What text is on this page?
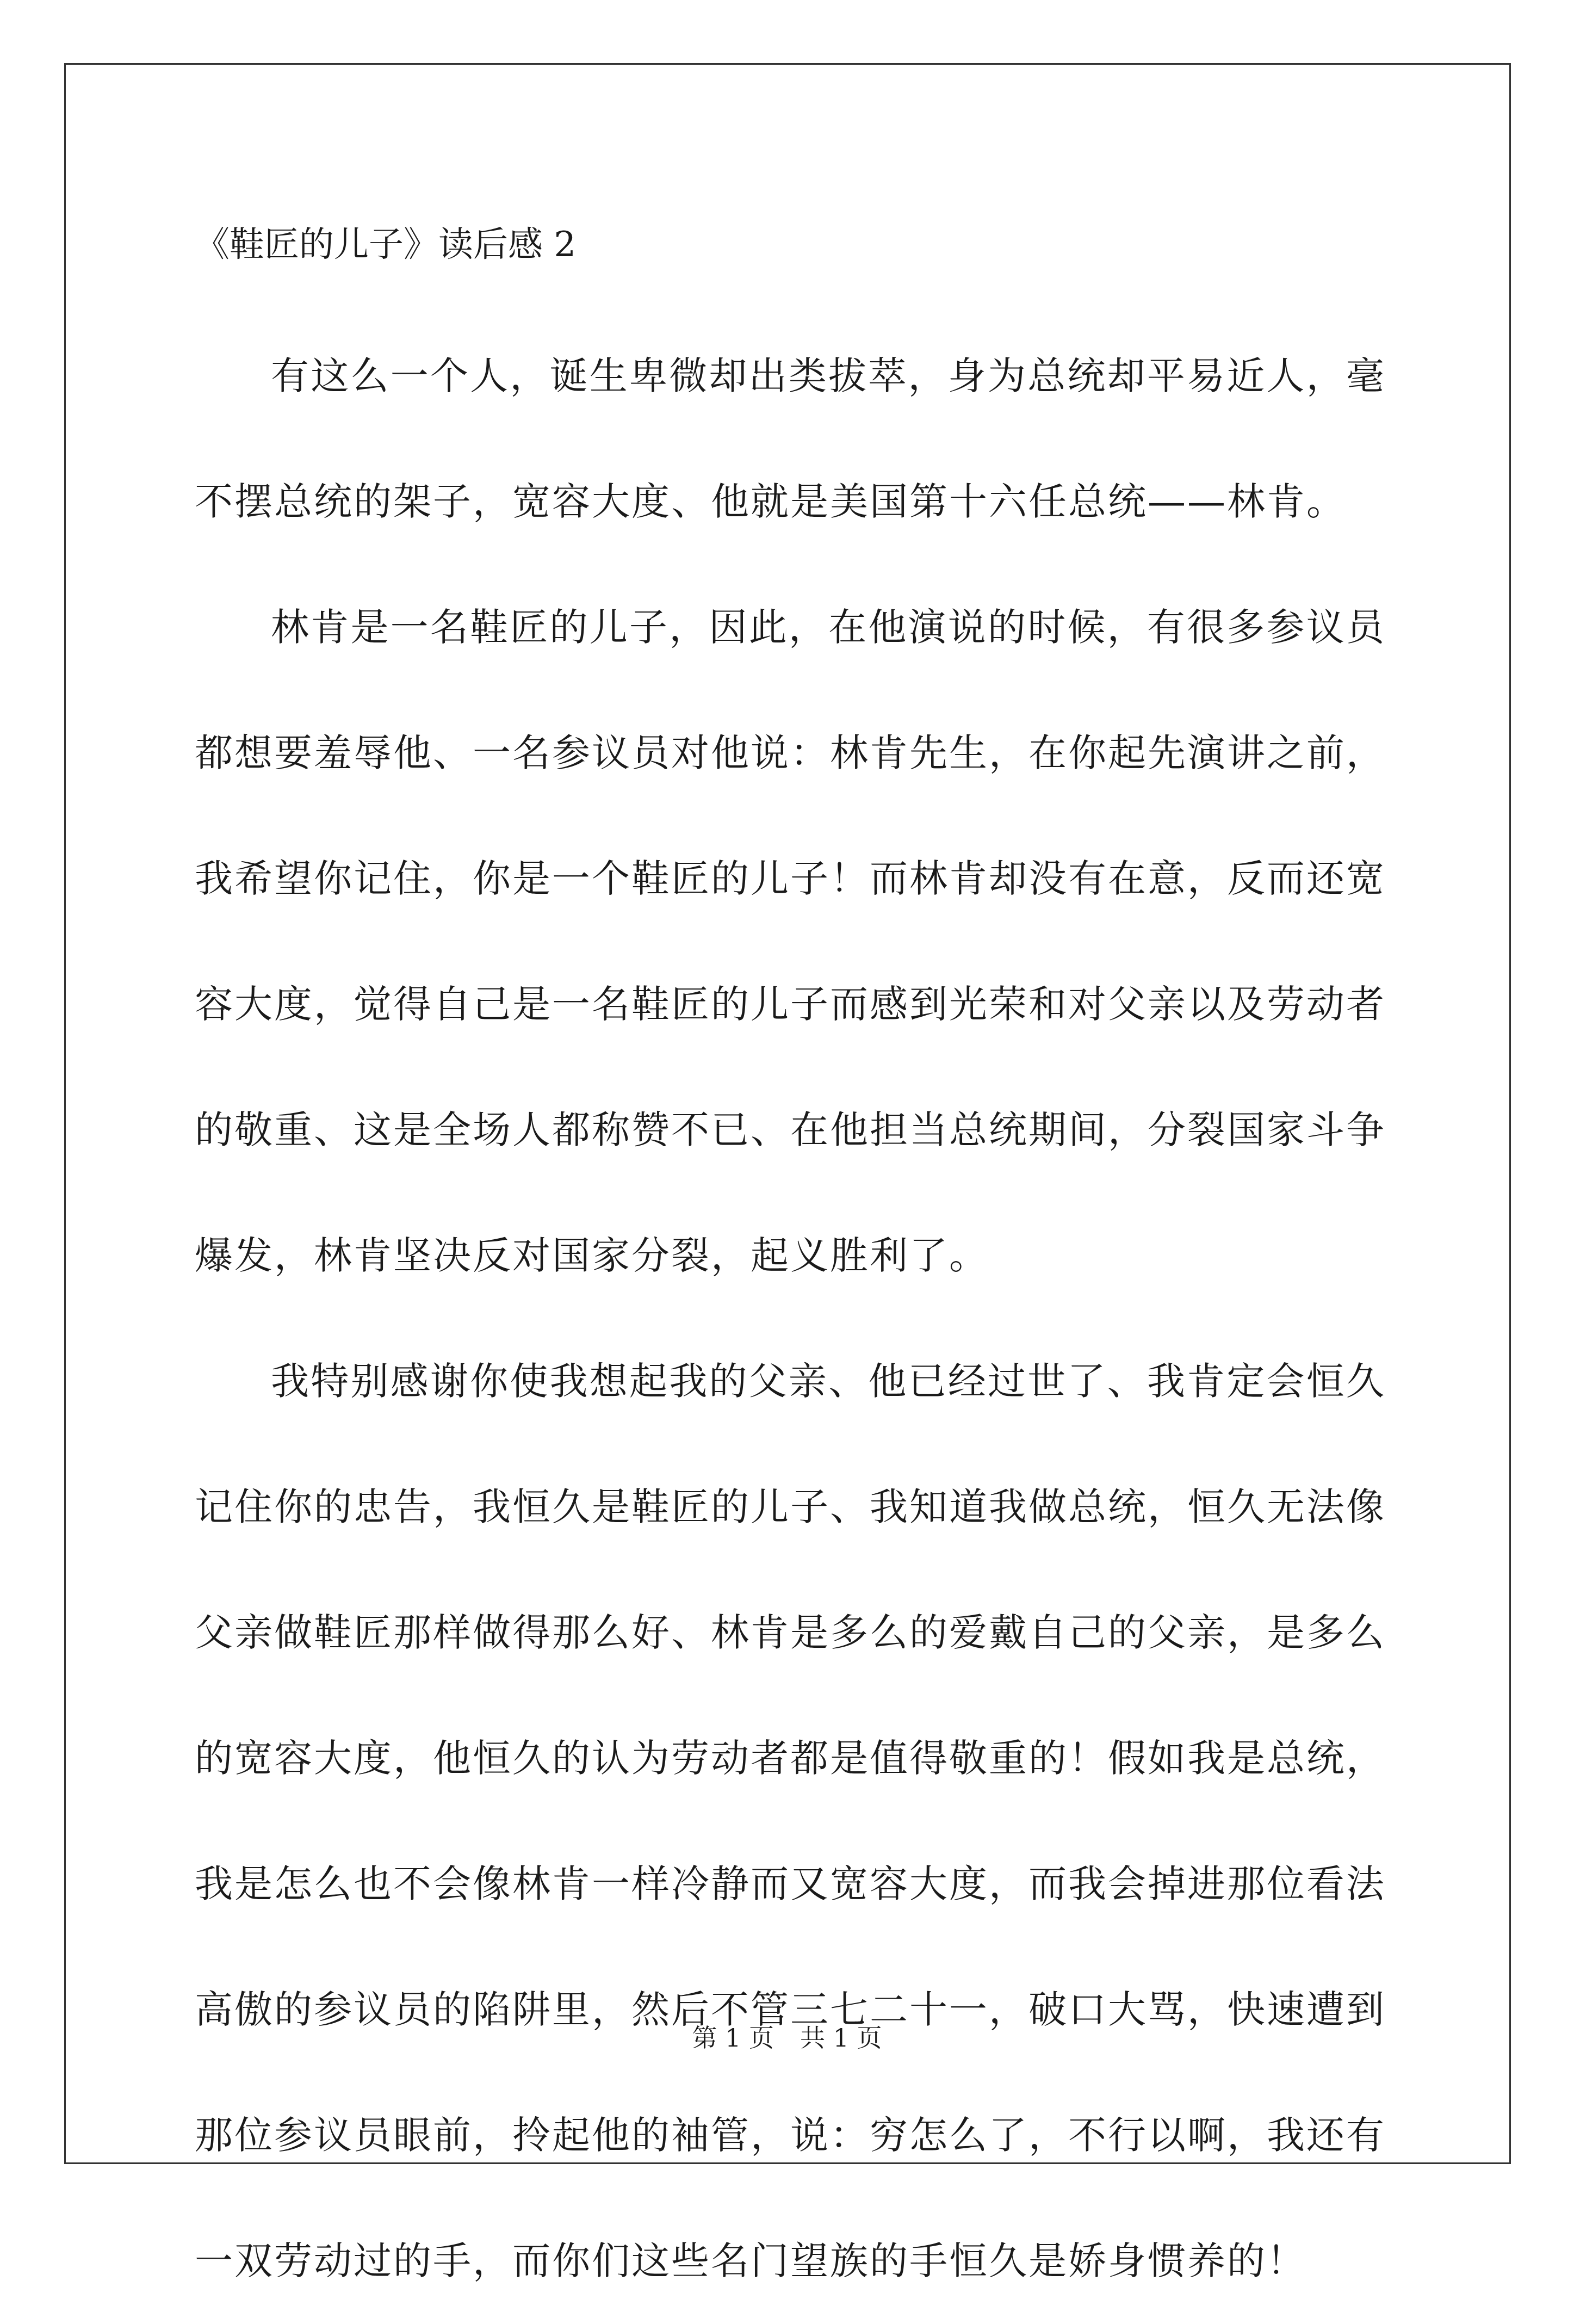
《鞋匠的儿子》读后感 2

有这么一个人，诞生卑微却出类拔萃，身为总统却平易近人，毫不摆总统的架子，宽容大度、他就是美国第十六任总统——林肯。

林肯是一名鞋匠的儿子，因此，在他演说的时候，有很多参议员都想要羞辱他、一名参议员对他说：林肯先生，在你起先演讲之前，我希望你记住，你是一个鞋匠的儿子！而林肯却没有在意，反而还宽容大度，觉得自己是一名鞋匠的儿子而感到光荣和对父亲以及劳动者的敬重、这是全场人都称赞不已、在他担当总统期间，分裂国家斗争爆发，林肯坚决反对国家分裂，起义胜利了。

我特别感谢你使我想起我的父亲、他已经过世了、我肯定会恒久记住你的忠告，我恒久是鞋匠的儿子、我知道我做总统，恒久无法像父亲做鞋匠那样做得那么好、林肯是多么的爱戴自己的父亲，是多么的宽容大度，他恒久的认为劳动者都是值得敬重的！假如我是总统，我是怎么也不会像林肯一样冷静而又宽容大度，而我会掉进那位看法高傲的参议员的陷阱里，然后不管三七二十一，破口大骂，快速遭到那位参议员眼前，拎起他的袖管，说：穷怎么了，不行以啊，我还有一双劳动过的手，而你们这些名门望族的手恒久是娇身惯养的！

第 1 页 共 1 页
